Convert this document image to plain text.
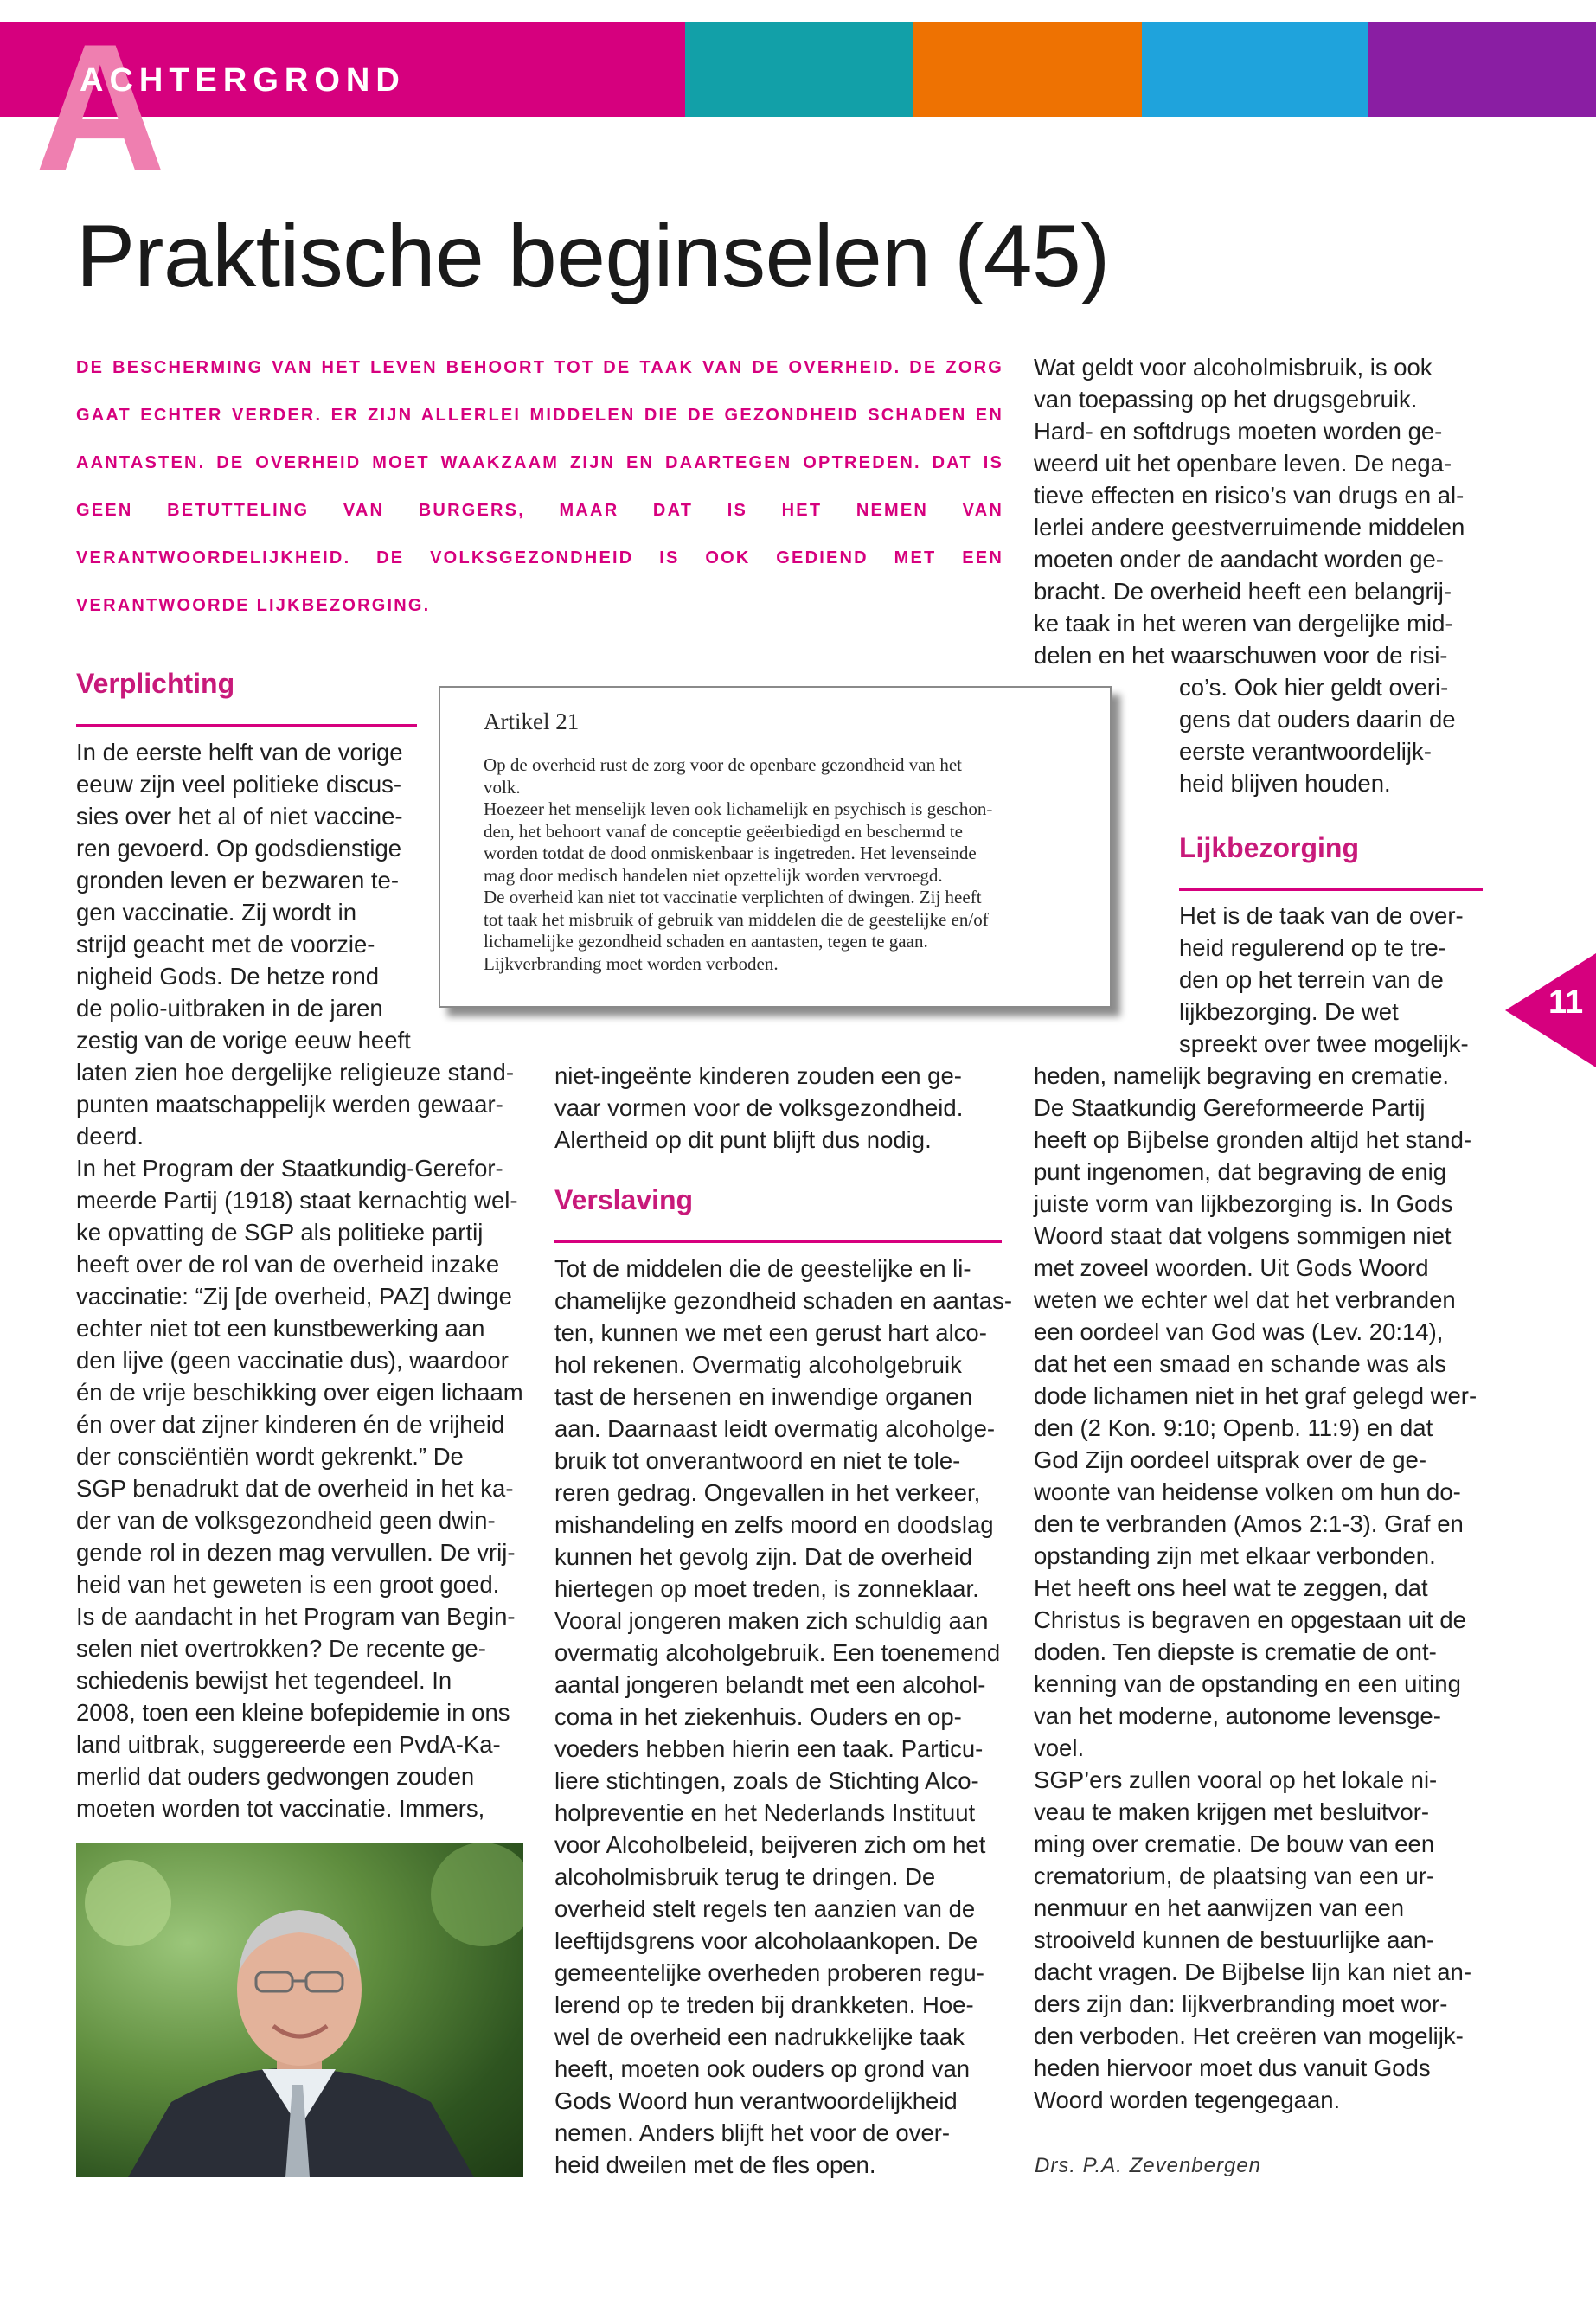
A
ACHTERGROND
Praktische beginselen (45)

DE BESCHERMING VAN HET LEVEN BEHOORT TOT DE TAAK VAN DE OVERHEID. DE ZORG GAAT ECHTER VERDER. ER ZIJN ALLERLEI MIDDELEN DIE DE GEZONDHEID SCHADEN EN AANTASTEN. DE OVERHEID MOET WAAKZAAM ZIJN EN DAARTEGEN OPTREDEN. DAT IS GEEN BETUTTELING VAN BURGERS, MAAR DAT IS HET NEMEN VAN VERANTWOORDELIJKHEID. DE VOLKSGEZONDHEID IS OOK GEDIEND MET EEN VERANTWOORDE LIJKBEZORGING.

Verplichting
In de eerste helft van de vorige
eeuw zijn veel politieke discus-
sies over het al of niet vaccine-
ren gevoerd. Op godsdienstige
gronden leven er bezwaren te-
gen vaccinatie. Zij wordt in
strijd geacht met de voorzie-
nigheid Gods. De hetze rond
de polio-uitbraken in de jaren
zestig van de vorige eeuw heeft
laten zien hoe dergelijke religieuze stand-
punten maatschappelijk werden gewaar-
deerd.
In het Program der Staatkundig-Gerefor-
meerde Partij (1918) staat kernachtig wel-
ke opvatting de SGP als politieke partij
heeft over de rol van de overheid inzake
vaccinatie: “Zij [de overheid, PAZ] dwinge
echter niet tot een kunstbewerking aan
den lijve (geen vaccinatie dus), waardoor
én de vrije beschikking over eigen lichaam
én over dat zijner kinderen én de vrijheid
der consciëntiën wordt gekrenkt.” De
SGP benadrukt dat de overheid in het ka-
der van de volksgezondheid geen dwin-
gende rol in dezen mag vervullen. De vrij-
heid van het geweten is een groot goed.
Is de aandacht in het Program van Begin-
selen niet overtrokken? De recente ge-
schiedenis bewijst het tegendeel. In
2008, toen een kleine bofepidemie in ons
land uitbrak, suggereerde een PvdA-Ka-
merlid dat ouders gedwongen zouden
moeten worden tot vaccinatie. Immers,
Artikel 21
Op de overheid rust de zorg voor de openbare gezondheid van het
volk.
Hoezeer het menselijk leven ook lichamelijk en psychisch is geschon-
den, het behoort vanaf de conceptie geëerbiedigd en beschermd te
worden totdat de dood onmiskenbaar is ingetreden. Het levenseinde
mag door medisch handelen niet opzettelijk worden vervroegd.
De overheid kan niet tot vaccinatie verplichten of dwingen. Zij heeft
tot taak het misbruik of gebruik van middelen die de geestelijke en/of
lichamelijke gezondheid schaden en aantasten, tegen te gaan.
Lijkverbranding moet worden verboden.
niet-ingeënte kinderen zouden een ge-
vaar vormen voor de volksgezondheid.
Alertheid op dit punt blijft dus nodig.
Verslaving
Tot de middelen die de geestelijke en li-
chamelijke gezondheid schaden en aantas-
ten, kunnen we met een gerust hart alco-
hol rekenen. Overmatig alcoholgebruik
tast de hersenen en inwendige organen
aan. Daarnaast leidt overmatig alcoholge-
bruik tot onverantwoord en niet te tole-
reren gedrag. Ongevallen in het verkeer,
mishandeling en zelfs moord en doodslag
kunnen het gevolg zijn. Dat de overheid
hiertegen op moet treden, is zonneklaar.
Vooral jongeren maken zich schuldig aan
overmatig alcoholgebruik. Een toenemend
aantal jongeren belandt met een alcohol-
coma in het ziekenhuis. Ouders en op-
voeders hebben hierin een taak. Particu-
liere stichtingen, zoals de Stichting Alco-
holpreventie en het Nederlands Instituut
voor Alcoholbeleid, beijveren zich om het
alcoholmisbruik terug te dringen. De
overheid stelt regels ten aanzien van de
leeftijdsgrens voor alcoholaankopen. De
gemeentelijke overheden proberen regu-
lerend op te treden bij drankketen. Hoe-
wel de overheid een nadrukkelijke taak
heeft, moeten ook ouders op grond van
Gods Woord hun verantwoordelijkheid
nemen. Anders blijft het voor de over-
heid dweilen met de fles open.
Wat geldt voor alcoholmisbruik, is ook
van toepassing op het drugsgebruik.
Hard- en softdrugs moeten worden ge-
weerd uit het openbare leven. De nega-
tieve effecten en risico’s van drugs en al-
lerlei andere geestverruimende middelen
moeten onder de aandacht worden ge-
bracht. De overheid heeft een belangrij-
ke taak in het weren van dergelijke mid-
delen en het waarschuwen voor de risi-
co’s. Ook hier geldt overi-
gens dat ouders daarin de
eerste verantwoordelijk-
heid blijven houden.
Lijkbezorging
Het is de taak van de over-
heid regulerend op te tre-
den op het terrein van de
lijkbezorging. De wet
spreekt over twee mogelijk-
heden, namelijk begraving en crematie.
De Staatkundig Gereformeerde Partij
heeft op Bijbelse gronden altijd het stand-
punt ingenomen, dat begraving de enig
juiste vorm van lijkbezorging is. In Gods
Woord staat dat volgens sommigen niet
met zoveel woorden. Uit Gods Woord
weten we echter wel dat het verbranden
een oordeel van God was (Lev. 20:14),
dat het een smaad en schande was als
dode lichamen niet in het graf gelegd wer-
den (2 Kon. 9:10; Openb. 11:9) en dat
God Zijn oordeel uitsprak over de ge-
woonte van heidense volken om hun do-
den te verbranden (Amos 2:1-3). Graf en
opstanding zijn met elkaar verbonden.
Het heeft ons heel wat te zeggen, dat
Christus is begraven en opgestaan uit de
doden. Ten diepste is crematie de ont-
kenning van de opstanding en een uiting
van het moderne, autonome levensge-
voel.
SGP’ers zullen vooral op het lokale ni-
veau te maken krijgen met besluitvor-
ming over crematie. De bouw van een
crematorium, de plaatsing van een ur-
nenmuur en het aanwijzen van een
strooiveld kunnen de bestuurlijke aan-
dacht vragen. De Bijbelse lijn kan niet an-
ders zijn dan: lijkverbranding moet wor-
den verboden. Het creëren van mogelijk-
heden hiervoor moet dus vanuit Gods
Woord worden tegengegaan.

Drs. P.A. Zevenbergen

11
